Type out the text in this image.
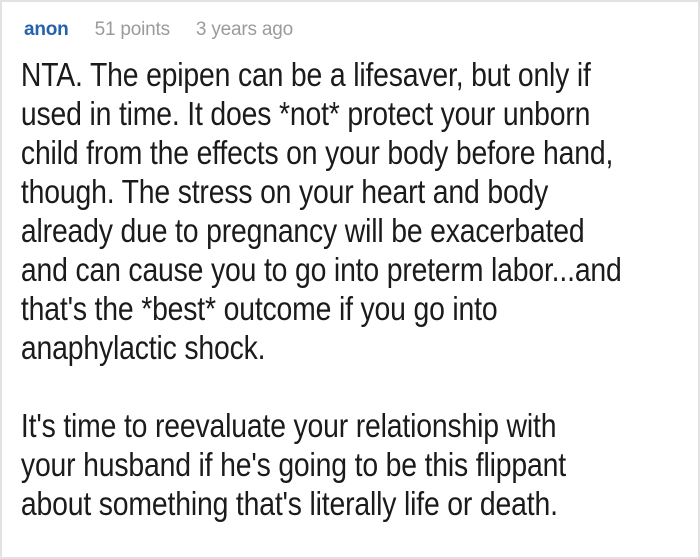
anon 51 points 3 years ago
NTA. The epipen can be a lifesaver, but only if
used in time. It does *not* protect your unborn
child from the effects on your body before hand,
though. The stress on your heart and body
already due to pregnancy will be exacerbated
and can cause you to go into preterm labor...and
that's the *best* outcome if you go into
anaphylactic shock.
It's time to reevaluate your relationship with
your husband if he's going to be this flippant
about something that's literally life or death.
